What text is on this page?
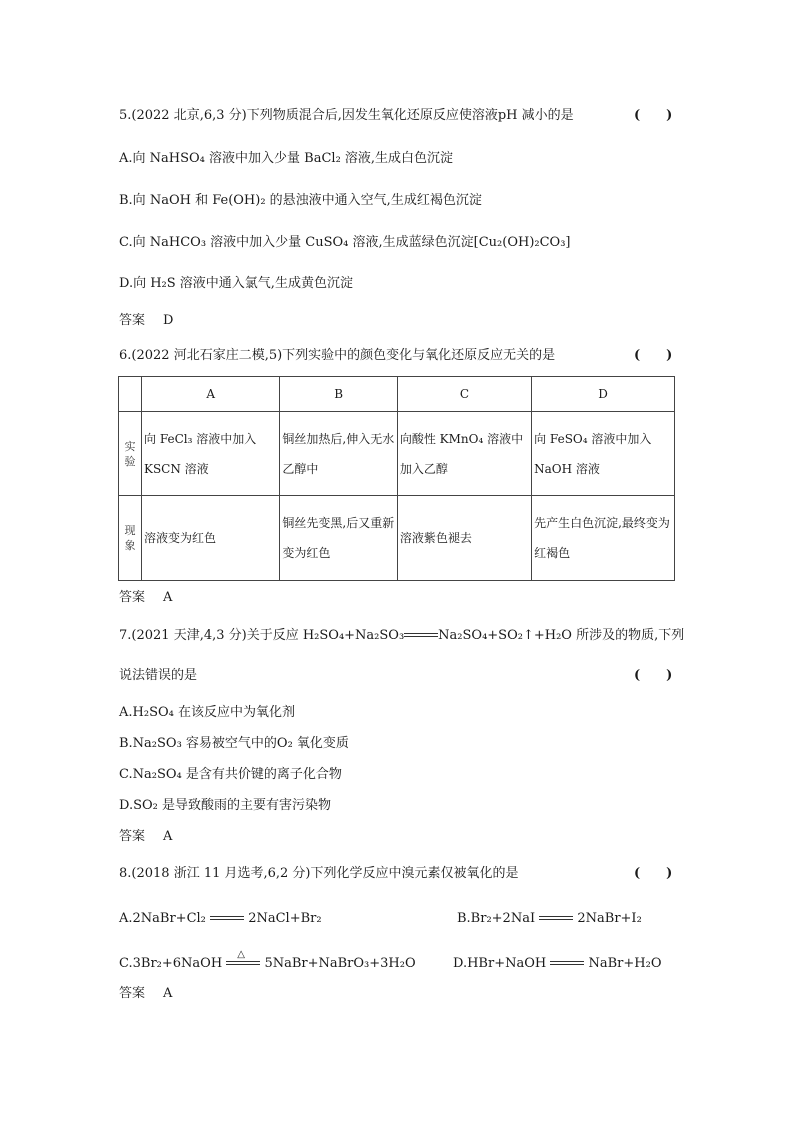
5.(2022 北京,6,3 分)下列物质混合后,因发生氧化还原反应使溶液pH 减小的是	(　　)
A.向 NaHSO₄ 溶液中加入少量 BaCl₂ 溶液,生成白色沉淀
B.向 NaOH 和 Fe(OH)₂ 的悬浊液中通入空气,生成红褐色沉淀
C.向 NaHCO₃ 溶液中加入少量 CuSO₄ 溶液,生成蓝绿色沉淀[Cu₂(OH)₂CO₃]
D.向 H₂S 溶液中通入氯气,生成黄色沉淀
答案 D
6.(2022 河北石家庄二模,5)下列实验中的颜色变化与氧化还原反应无关的是	(　　)
	A	B	C	D
实验	向 FeCl₃ 溶液中加入 KSCN 溶液	铜丝加热后,伸入无水乙醇中	向酸性 KMnO₄ 溶液中加入乙醇	向 FeSO₄ 溶液中加入 NaOH 溶液
现象	溶液变为红色	铜丝先变黑,后又重新变为红色	溶液紫色褪去	先产生白色沉淀,最终变为红褐色
答案 A
7.(2021 天津,4,3 分)关于反应 H₂SO₄+Na₂SO₃	Na₂SO₄+SO₂↑+H₂O 所涉及的物质,下列
说法错误的是	(　　)
A.H₂SO₄ 在该反应中为氧化剂
B.Na₂SO₃ 容易被空气中的O₂ 氧化变质
C.Na₂SO₄ 是含有共价键的离子化合物
D.SO₂ 是导致酸雨的主要有害污染物
答案 A
8.(2018 浙江 11 月选考,6,2 分)下列化学反应中溴元素仅被氧化的是	(　　)
A.2NaBr+Cl₂	2NaCl+Br₂	B.Br₂+2NaI	2NaBr+I₂
C.3Br₂+6NaOH
△
5NaBr+NaBrO₃+3H₂O	D.HBr+NaOH	NaBr+H₂O
答案 A
